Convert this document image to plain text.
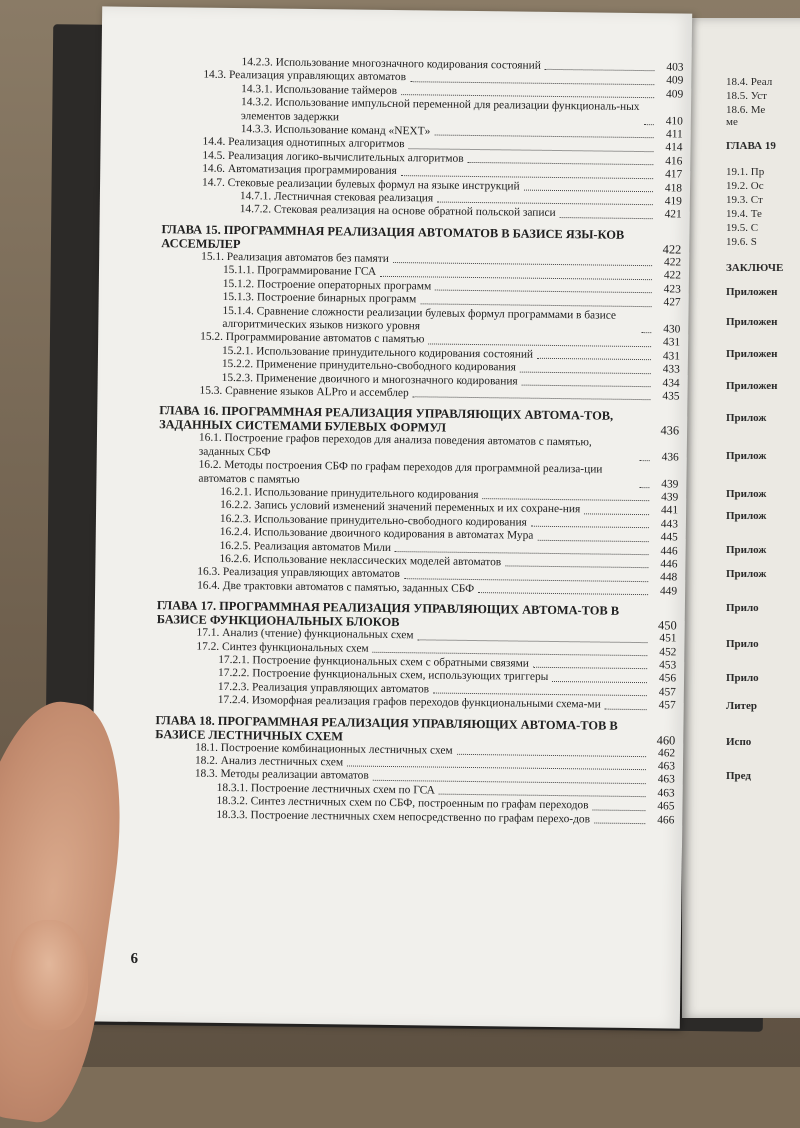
18.4. Реал
18.5. Уст
18.6. Ме
ме
ГЛАВА 19
19.1. Пр
19.2. Ос
19.3. Ст
19.4. Те
19.5. С
19.6. S
ЗАКЛЮЧЕ
Приложен
Приложен
Приложен
Приложен
Прилож
Прилож
Прилож
Прилож
Прилож
Прилож
Прило
Прило
Прило
Литер
Испо
Пред
14.2.3. Использование многозначного кодирования состояний	403
14.3. Реализация управляющих автоматов	409
14.3.1. Использование таймеров	409
14.3.2. Использование импульсной переменной для реализации функциональ-ных элементов задержки	410
14.3.3. Использование команд «NEXT»	411
14.4. Реализация однотипных алгоритмов	414
14.5. Реализация логико-вычислительных алгоритмов	416
14.6. Автоматизация программирования	417
14.7. Стековые реализации булевых формул на языке инструкций	418
14.7.1. Лестничная стековая реализация	419
14.7.2. Стековая реализация на основе обратной польской записи	421
ГЛАВА 15. ПРОГРАММНАЯ РЕАЛИЗАЦИЯ АВТОМАТОВ В БАЗИСЕ ЯЗЫ-КОВ АССЕМБЛЕР	422
15.1. Реализация автоматов без памяти	422
15.1.1. Программирование ГСА	422
15.1.2. Построение операторных программ	423
15.1.3. Построение бинарных программ	427
15.1.4. Сравнение сложности реализации булевых формул программами в базисе алгоритмических языков низкого уровня	430
15.2. Программирование автоматов с памятью	431
15.2.1. Использование принудительного кодирования состояний	431
15.2.2. Применение принудительно-свободного кодирования	433
15.2.3. Применение двоичного и многозначного кодирования	434
15.3. Сравнение языков ALPro и ассемблер	435
ГЛАВА 16. ПРОГРАММНАЯ РЕАЛИЗАЦИЯ УПРАВЛЯЮЩИХ АВТОМА-ТОВ, ЗАДАННЫХ СИСТЕМАМИ БУЛЕВЫХ ФОРМУЛ	436
16.1. Построение графов переходов для анализа поведения автоматов с памятью, заданных СБФ	436
16.2. Методы построения СБФ по графам переходов для программной реализа-ции автоматов с памятью	439
16.2.1. Использование принудительного кодирования	439
16.2.2. Запись условий изменений значений переменных и их сохране-ния	441
16.2.3. Использование принудительно-свободного кодирования	443
16.2.4. Использование двоичного кодирования в автоматах Мура	445
16.2.5. Реализация автоматов Мили	446
16.2.6. Использование неклассических моделей автоматов	446
16.3. Реализация управляющих автоматов	448
16.4. Две трактовки автоматов с памятью, заданных СБФ	449
ГЛАВА 17. ПРОГРАММНАЯ РЕАЛИЗАЦИЯ УПРАВЛЯЮЩИХ АВТОМА-ТОВ В БАЗИСЕ ФУНКЦИОНАЛЬНЫХ БЛОКОВ	450
17.1. Анализ (чтение) функциональных схем	451
17.2. Синтез функциональных схем	452
17.2.1. Построение функциональных схем с обратными связями	453
17.2.2. Построение функциональных схем, использующих триггеры	456
17.2.3. Реализация управляющих автоматов	457
17.2.4. Изоморфная реализация графов переходов функциональными схема-ми	457
ГЛАВА 18. ПРОГРАММНАЯ РЕАЛИЗАЦИЯ УПРАВЛЯЮЩИХ АВТОМА-ТОВ В БАЗИСЕ ЛЕСТНИЧНЫХ СХЕМ	460
18.1. Построение комбинационных лестничных схем	462
18.2. Анализ лестничных схем	463
18.3. Методы реализации автоматов	463
18.3.1. Построение лестничных схем по ГСА	463
18.3.2. Синтез лестничных схем по СБФ, построенным по графам переходов	465
18.3.3. Построение лестничных схем непосредственно по графам перехо-дов	466
6
